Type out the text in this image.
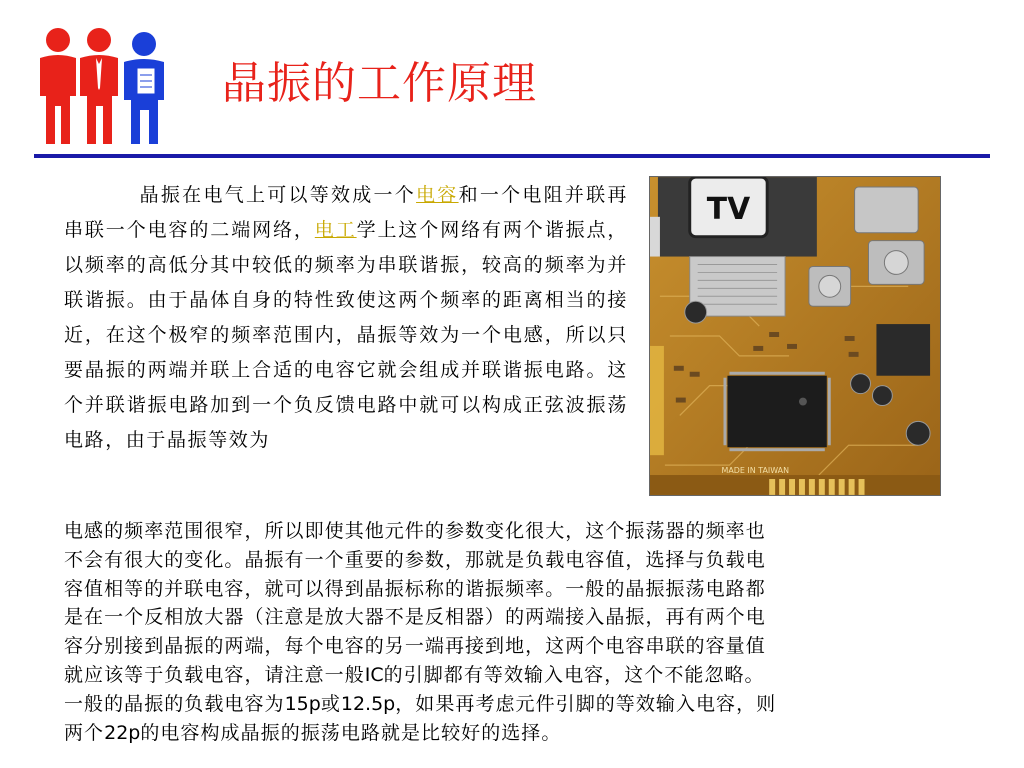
晶振的工作原理
晶振在电气上可以等效成一个电容和一个电阻并联再串联一个电容的二端网络，电工学上这个网络有两个谐振点，以频率的高低分其中较低的频率为串联谐振，较高的频率为并联谐振。由于晶体自身的特性致使这两个频率的距离相当的接近，在这个极窄的频率范围内，晶振等效为一个电感，所以只要晶振的两端并联上合适的电容它就会组成并联谐振电路。这个并联谐振电路加到一个负反馈电路中就可以构成正弦波振荡电路，由于晶振等效为
TV
MADE IN TAIWAN
电感的频率范围很窄，所以即使其他元件的参数变化很大，这个振荡器的频率也
不会有很大的变化。晶振有一个重要的参数，那就是负载电容值，选择与负载电
容值相等的并联电容，就可以得到晶振标称的谐振频率。一般的晶振振荡电路都
是在一个反相放大器（注意是放大器不是反相器）的两端接入晶振，再有两个电
容分别接到晶振的两端，每个电容的另一端再接到地，这两个电容串联的容量值
就应该等于负载电容，请注意一般IC的引脚都有等效输入电容，这个不能忽略。
一般的晶振的负载电容为15p或12.5p，如果再考虑元件引脚的等效输入电容，则
两个22p的电容构成晶振的振荡电路就是比较好的选择。
